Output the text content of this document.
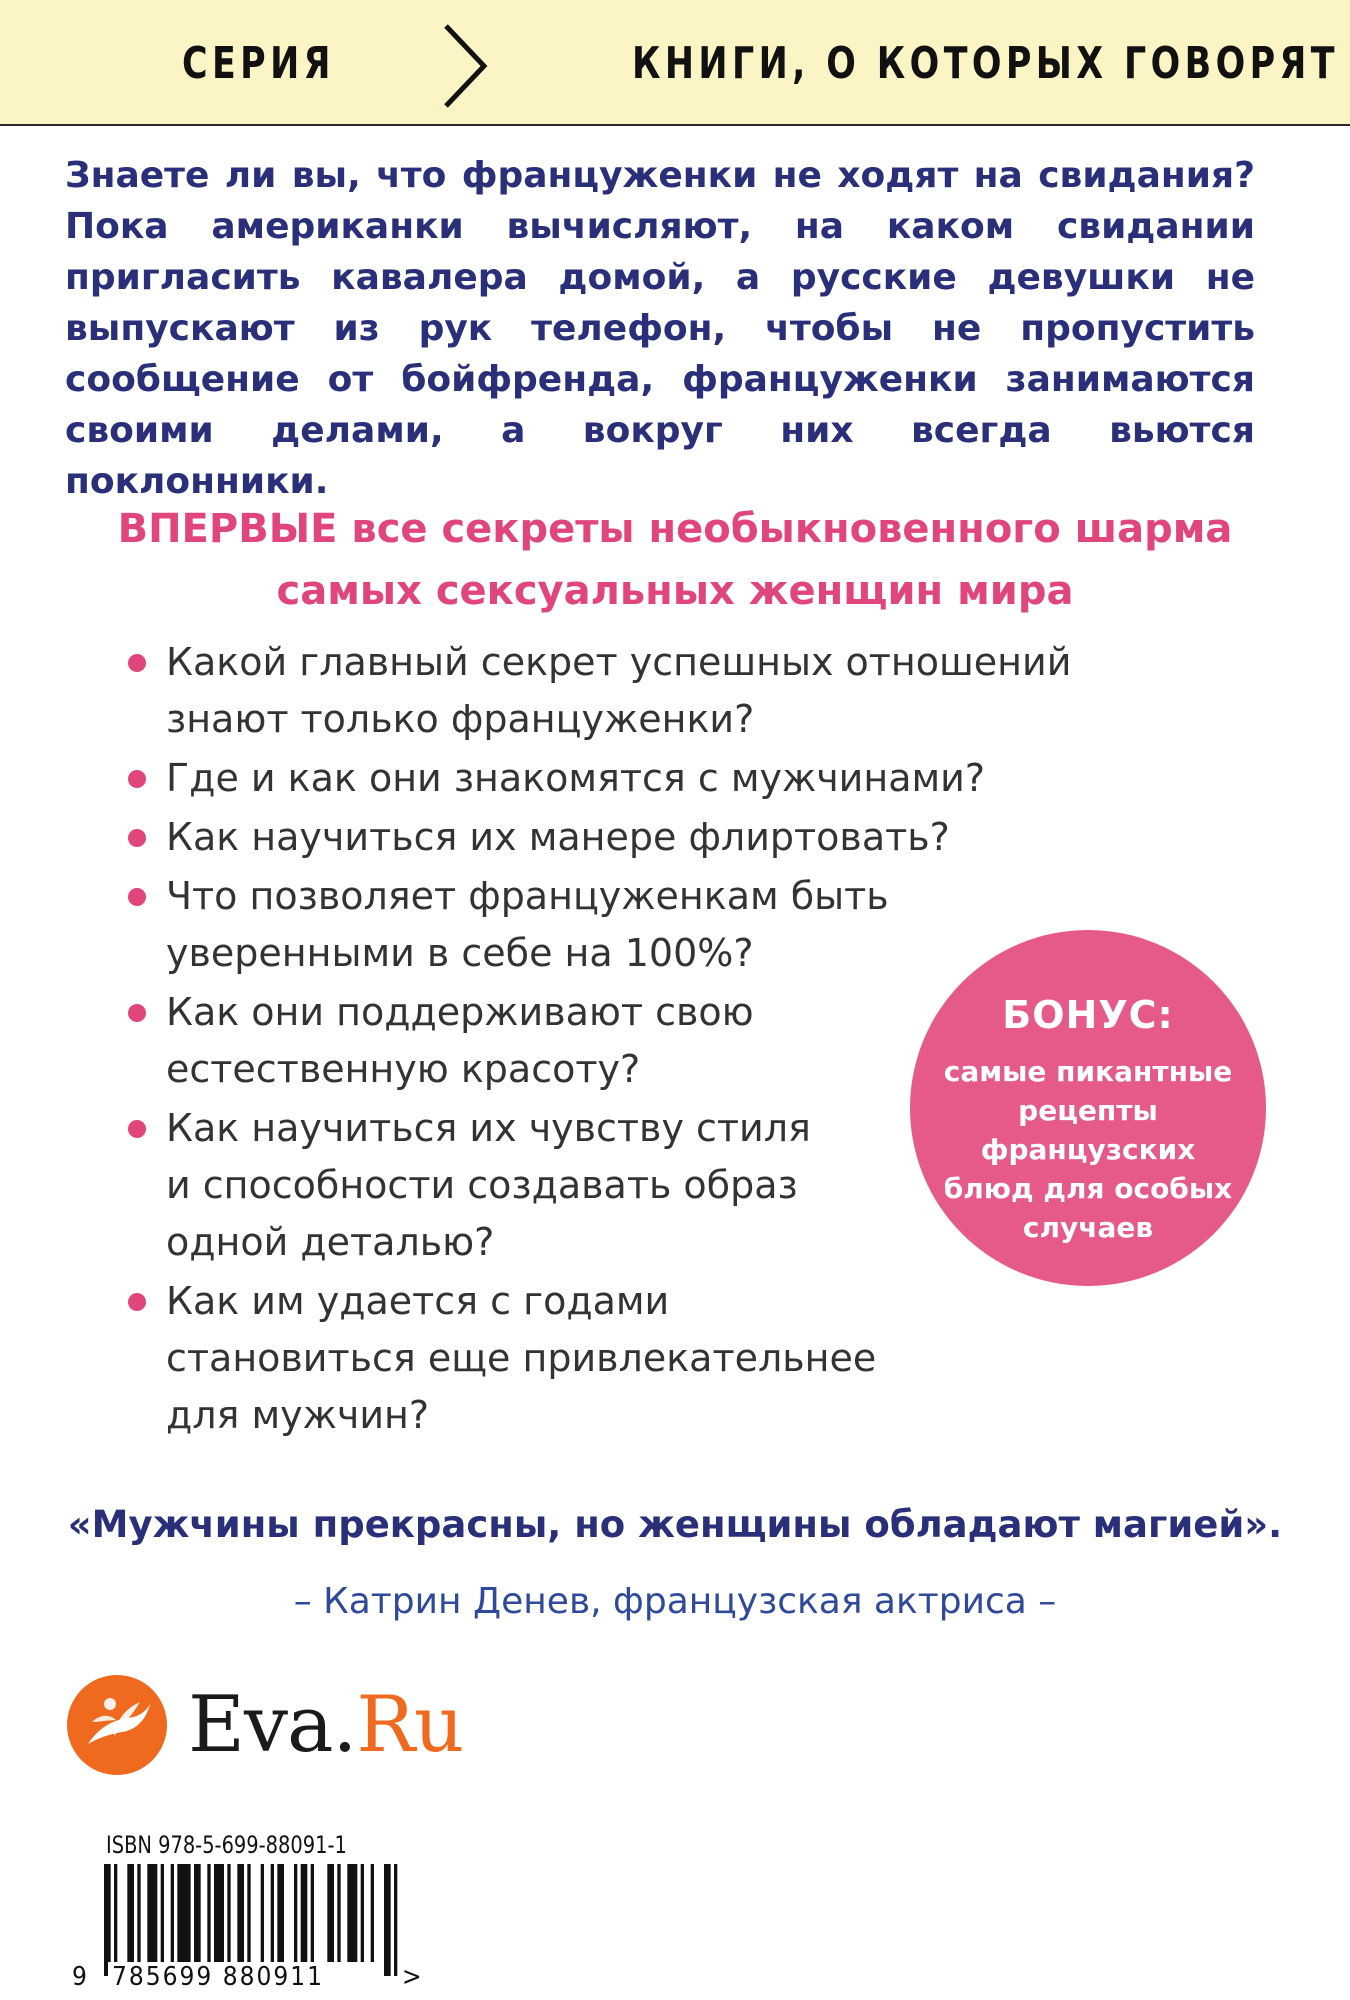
СЕРИЯ	КНИГИ, О КОТОРЫХ ГОВОРЯТ

Знаете ли вы, что француженки не ходят на свидания? Пока американки вычисляют, на каком свидании пригласить кавалера домой, а русские девушки не выпускают из рук телефон, чтобы не пропустить сообщение от бойфренда, француженки занимаются своими делами, а вокруг них всегда вьются поклонники.

ВПЕРВЫЕ все секреты необыкновенного шарма
самых сексуальных женщин мира
Какой главный секрет успешных отношений
знают только француженки?
Где и как они знакомятся с мужчинами?
Как научиться их манере флиртовать?
Что позволяет француженкам быть
уверенными в себе на 100%?
Как они поддерживают свою
естественную красоту?
Как научиться их чувству стиля
и способности создавать образ
одной деталью?
Как им удается с годами
становиться еще привлекательнее
для мужчин?
БОНУС:
самые пикантные рецепты французских блюд для особых случаев
«Мужчины прекрасны, но женщины обладают магией».
– Катрин Денев, французская актриса –
Eva.Ru
ISBN 978-5-699-88091-1
9 785699 880911	>
